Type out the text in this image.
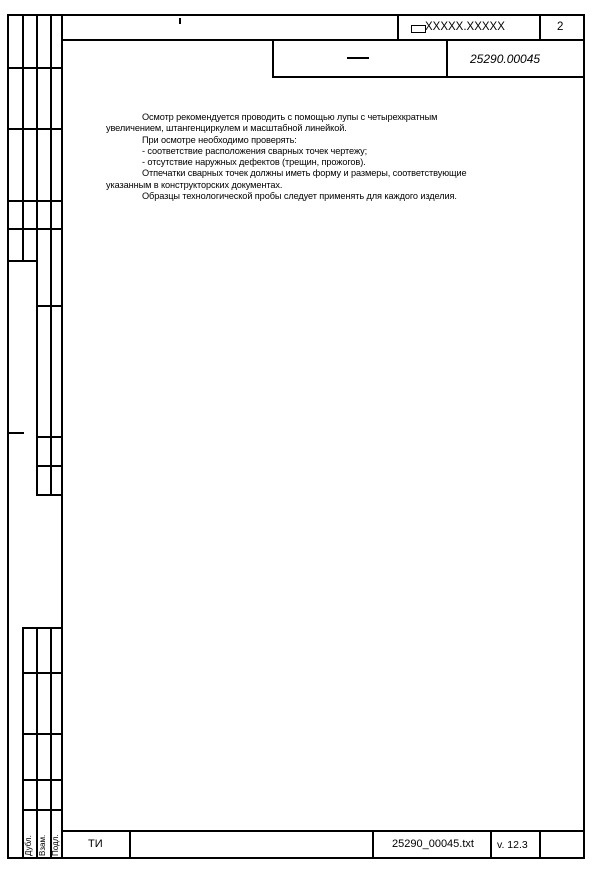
Дубл. Взам. Подл.
XXXXX.XXXXX	2
25290.00045

Осмотр рекомендуется проводить с помощью лупы с четырехкратным

увеличением, штангенциркулем и масштабной линейкой.

При осмотре необходимо проверять:

- соответствие расположения сварных точек чертежу;

- отсутствие наружных дефектов (трещин, прожогов).

Отпечатки сварных точек должны иметь форму и размеры, соответствующие

указанным в конструкторских документах.

Образцы технологической пробы следует применять для каждого изделия.

ТИ	25290_00045.txt v. 12.3
